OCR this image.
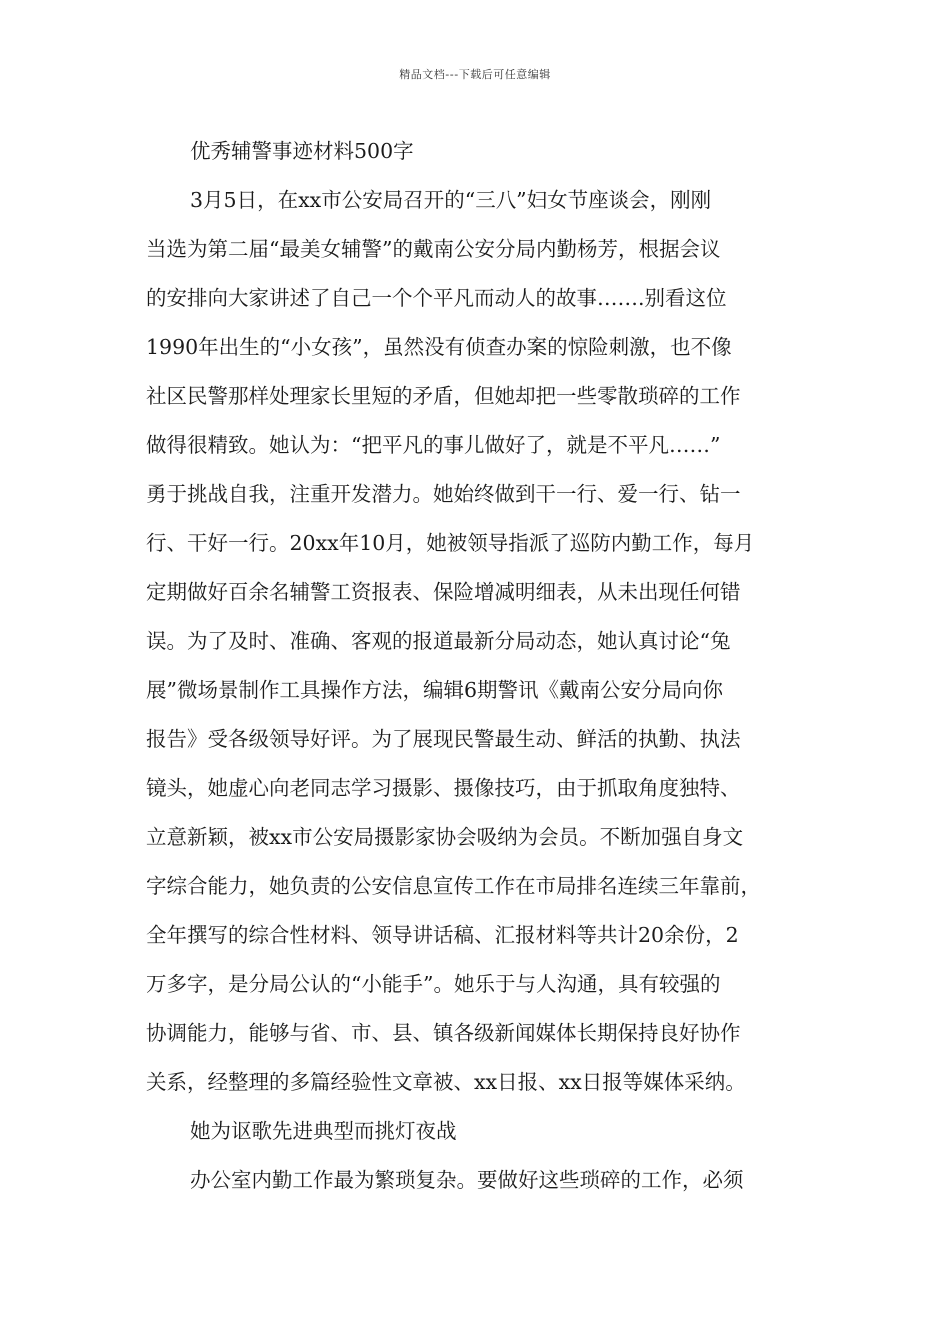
精品文档---下载后可任意编辑
优秀辅警事迹材料500字
3月5日，在xx市公安局召开的“三八”妇女节座谈会，刚刚
当选为第二届“最美女辅警”的戴南公安分局内勤杨芳，根据会议
的安排向大家讲述了自己一个个平凡而动人的故事…….别看这位
1990年出生的“小女孩”，虽然没有侦查办案的惊险刺激，也不像
社区民警那样处理家长里短的矛盾，但她却把一些零散琐碎的工作
做得很精致。她认为：“把平凡的事儿做好了，就是不平凡……”
勇于挑战自我，注重开发潜力。她始终做到干一行、爱一行、钻一
行、干好一行。20xx年10月，她被领导指派了巡防内勤工作，每月
定期做好百余名辅警工资报表、保险增减明细表，从未出现任何错
误。为了及时、准确、客观的报道最新分局动态，她认真讨论“兔
展”微场景制作工具操作方法，编辑6期警讯《戴南公安分局向你
报告》受各级领导好评。为了展现民警最生动、鲜活的执勤、执法
镜头，她虚心向老同志学习摄影、摄像技巧，由于抓取角度独特、
立意新颖，被xx市公安局摄影家协会吸纳为会员。不断加强自身文
字综合能力，她负责的公安信息宣传工作在市局排名连续三年靠前，
全年撰写的综合性材料、领导讲话稿、汇报材料等共计20余份，2
万多字，是分局公认的“小能手”。她乐于与人沟通，具有较强的
协调能力，能够与省、市、县、镇各级新闻媒体长期保持良好协作
关系，经整理的多篇经验性文章被、xx日报、xx日报等媒体采纳。
她为讴歌先进典型而挑灯夜战
办公室内勤工作最为繁琐复杂。要做好这些琐碎的工作，必须
